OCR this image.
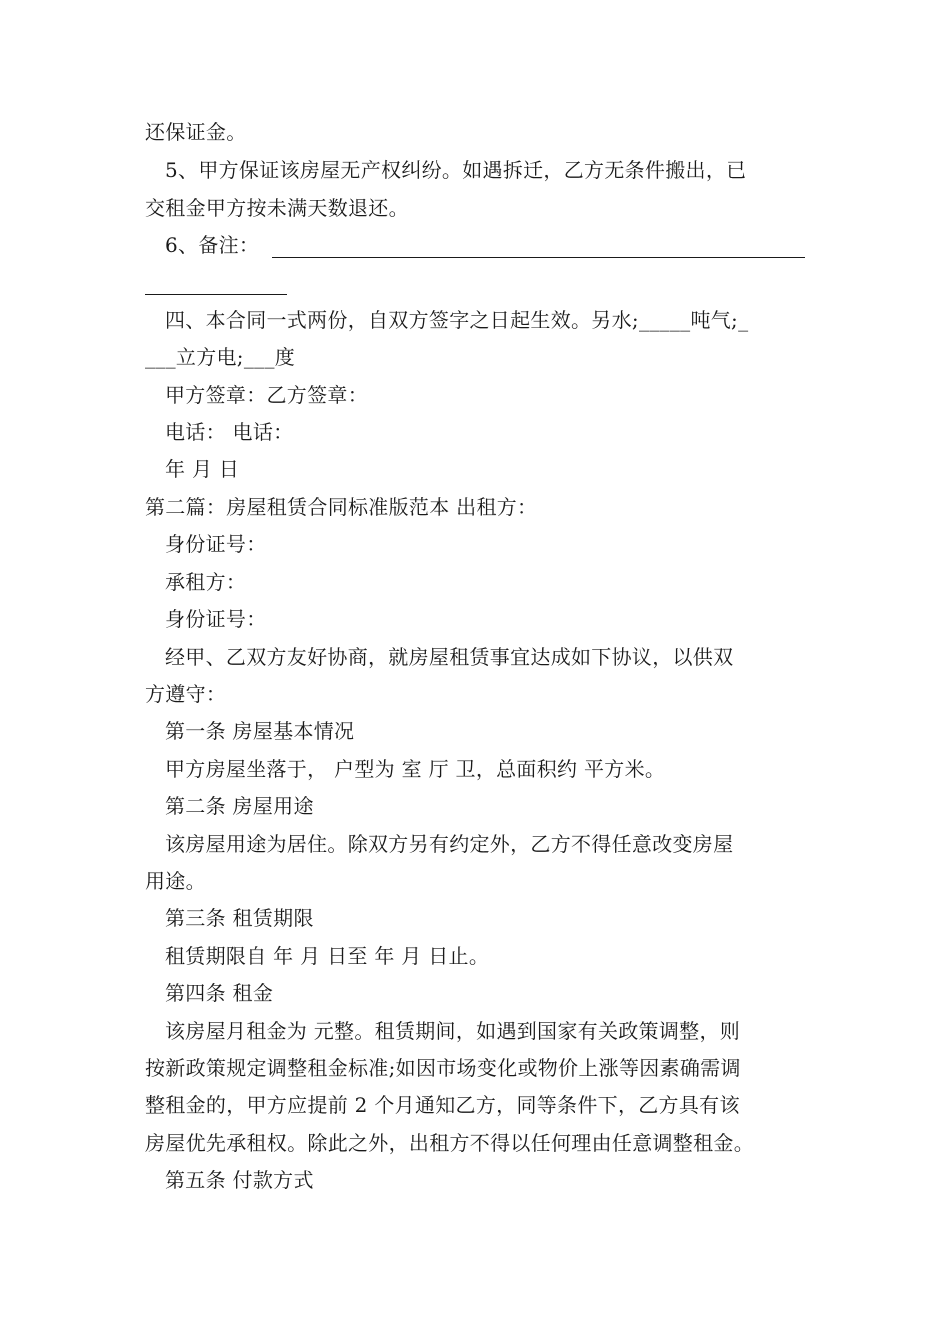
还保证金。
5、甲方保证该房屋无产权纠纷。如遇拆迁，乙方无条件搬出，已
交租金甲方按未满天数退还。
6、备注：
四、本合同一式两份，自双方签字之日起生效。另水;_____吨气;_
___立方电;___度
甲方签章：乙方签章：
电话： 电话：
年 月 日
第二篇：房屋租赁合同标准版范本 出租方：
身份证号：
承租方：
身份证号：
经甲、乙双方友好协商，就房屋租赁事宜达成如下协议，以供双
方遵守：
第一条 房屋基本情况
甲方房屋坐落于， 户型为 室 厅 卫，总面积约 平方米。
第二条 房屋用途
该房屋用途为居住。除双方另有约定外，乙方不得任意改变房屋
用途。
第三条 租赁期限
租赁期限自 年 月 日至 年 月 日止。
第四条 租金
该房屋月租金为 元整。租赁期间，如遇到国家有关政策调整，则
按新政策规定调整租金标准;如因市场变化或物价上涨等因素确需调
整租金的，甲方应提前 2 个月通知乙方，同等条件下，乙方具有该
房屋优先承租权。除此之外，出租方不得以任何理由任意调整租金。
第五条 付款方式
